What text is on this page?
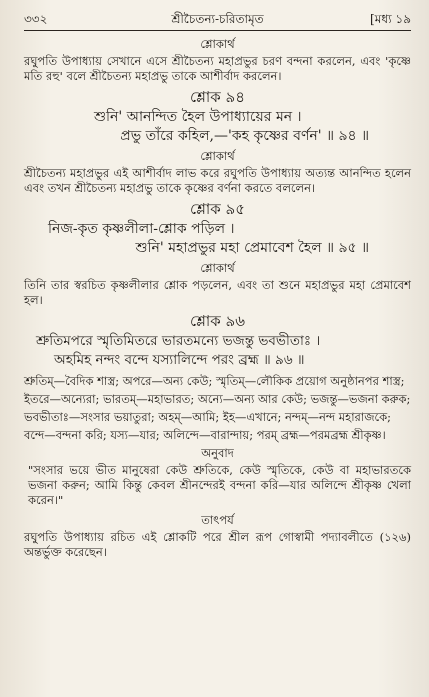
৩৩২	শ্রীচৈতন্য-চরিতামৃত	[মধ্য ১৯
শ্লোকার্থ

রঘুপতি উপাধ্যায় সেখানে এসে শ্রীচৈতন্য মহাপ্রভুর চরণ বন্দনা করলেন, এবং 'কৃষ্ণে মতি রহু' বলে শ্রীচৈতন্য মহাপ্রভু তাকে আশীর্বাদ করলেন।

শ্লোক ৯৪

শুনি' আনন্দিত হৈল উপাধ্যায়ের মন ।

প্রভু তাঁরে কহিল,—'কহ কৃষ্ণের বর্ণন' ॥ ৯৪ ॥

শ্লোকার্থ

শ্রীচৈতন্য মহাপ্রভুর এই আশীর্বাদ লাভ করে রঘুপতি উপাধ্যায় অত্যন্ত আনন্দিত হলেন এবং তখন শ্রীচৈতন্য মহাপ্রভু তাকে কৃষ্ণের বর্ণনা করতে বললেন।

শ্লোক ৯৫

নিজ-কৃত কৃষ্ণলীলা-শ্লোক পড়িল ।

শুনি' মহাপ্রভুর মহা প্রেমাবেশ হৈল ॥ ৯৫ ॥

শ্লোকার্থ

তিনি তার স্বরচিত কৃষ্ণলীলার শ্লোক পড়লেন, এবং তা শুনে মহাপ্রভুর মহা প্রেমাবেশ হল।

শ্লোক ৯৬

শ্রুতিমপরে স্মৃতিমিতরে ভারতমন্যে ভজন্তু ভবভীতাঃ ।

অহমিহ নন্দং বন্দে যস্যালিন্দে পরং ব্রহ্ম ॥ ৯৬ ॥

শ্রুতিম্—বৈদিক শাস্ত্র; অপরে—অন্য কেউ; স্মৃতিম্—লৌকিক প্রয়োগ অনুষ্ঠানপর শাস্ত্র;

ইতরে—অন্যেরা; ভারতম্—মহাভারত; অন্যে—অন্য আর কেউ; ভজন্তু—ভজনা করুক;

ভবভীতাঃ—সংসার ভয়াতুরা; অহম্—আমি; ইহ—এখানে; নন্দম্—নন্দ মহারাজকে;

বন্দে—বন্দনা করি; যস্য—যার; অলিন্দে—বারান্দায়; পরম্ ব্রহ্ম—পরমব্রহ্ম শ্রীকৃষ্ণ।

অনুবাদ

"সংসার ভয়ে ভীত মানুষেরা কেউ শ্রুতিকে, কেউ স্মৃতিকে, কেউ বা মহাভারতকে ভজনা করুন; আমি কিন্তু কেবল শ্রীনন্দেরই বন্দনা করি—যার অলিন্দে শ্রীকৃষ্ণ খেলা করেন।"

তাৎপর্য

রঘুপতি উপাধ্যায় রচিত এই শ্লোকটি পরে শ্রীল রূপ গোস্বামী পদ্যাবলীতে (১২৬) অন্তর্ভুক্ত করেছেন।
